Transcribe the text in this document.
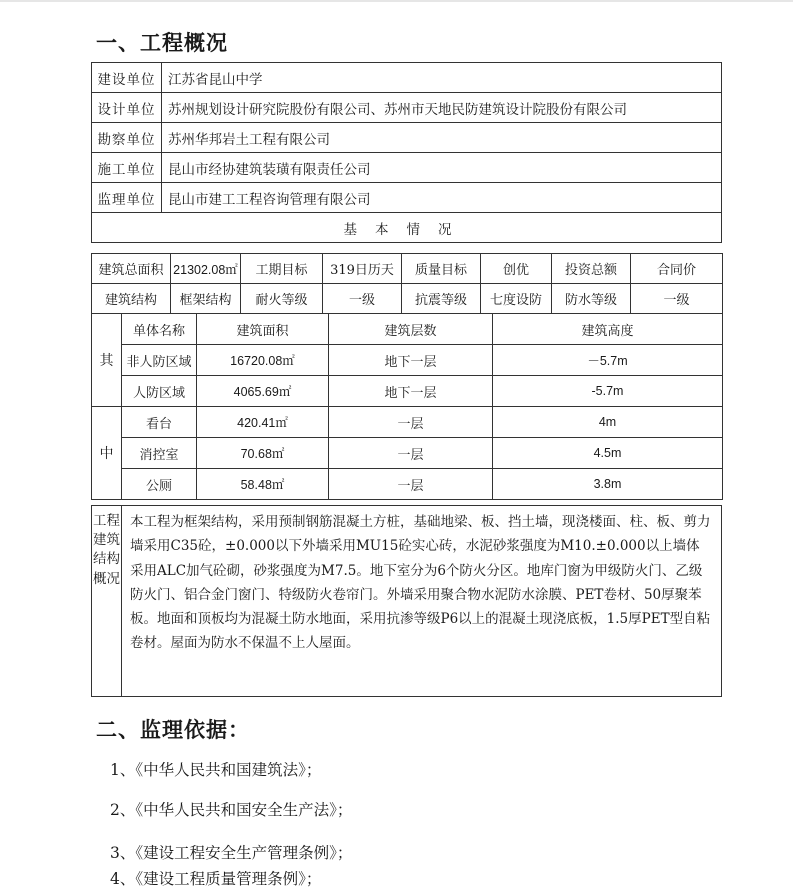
一、工程概况
建设单位	江苏省昆山中学
设计单位	苏州规划设计研究院股份有限公司、苏州市天地民防建筑设计院股份有限公司
勘察单位	苏州华邦岩土工程有限公司
施工单位	昆山市经协建筑装璜有限责任公司
监理单位	昆山市建工工程咨询管理有限公司
基本情况	
建筑总面积	21302.08㎡	工期目标	319日历天	质量目标	创优	投资总额	合同价
建筑结构	框架结构	耐火等级	一级	抗震等级	七度设防	防水等级	一级
其	单体名称	建筑面积	建筑层数	建筑高度
	非人防区域	16720.08㎡	地下一层	－5.7m
	人防区域	4065.69㎡	地下一层	-5.7m
中	看台	420.41㎡	一层	4m
	消控室	70.68㎡	一层	4.5m
	公厕	58.48㎡	一层	3.8m
工程建筑结构概况	本工程为框架结构，采用预制钢筋混凝土方桩，基础地梁、板、挡土墙，现浇楼面、柱、板、剪力墙采用C35砼，±0.000以下外墙采用MU15砼实心砖，水泥砂浆强度为M10.±0.000以上墙体采用ALC加气砼砌，砂浆强度为M7.5。地下室分为6个防火分区。地库门窗为甲级防火门、乙级防火门、铝合金门窗门、特级防火卷帘门。外墙采用聚合物水泥防水涂膜、PET卷材、50厚聚苯板。地面和顶板均为混凝土防水地面，采用抗渗等级P6以上的混凝土现浇底板，1.5厚PET型自粘卷材。屋面为防水不保温不上人屋面。
二、监理依据：
1、《中华人民共和国建筑法》；
2、《中华人民共和国安全生产法》；
3、《建设工程安全生产管理条例》；
4、《建设工程质量管理条例》；
